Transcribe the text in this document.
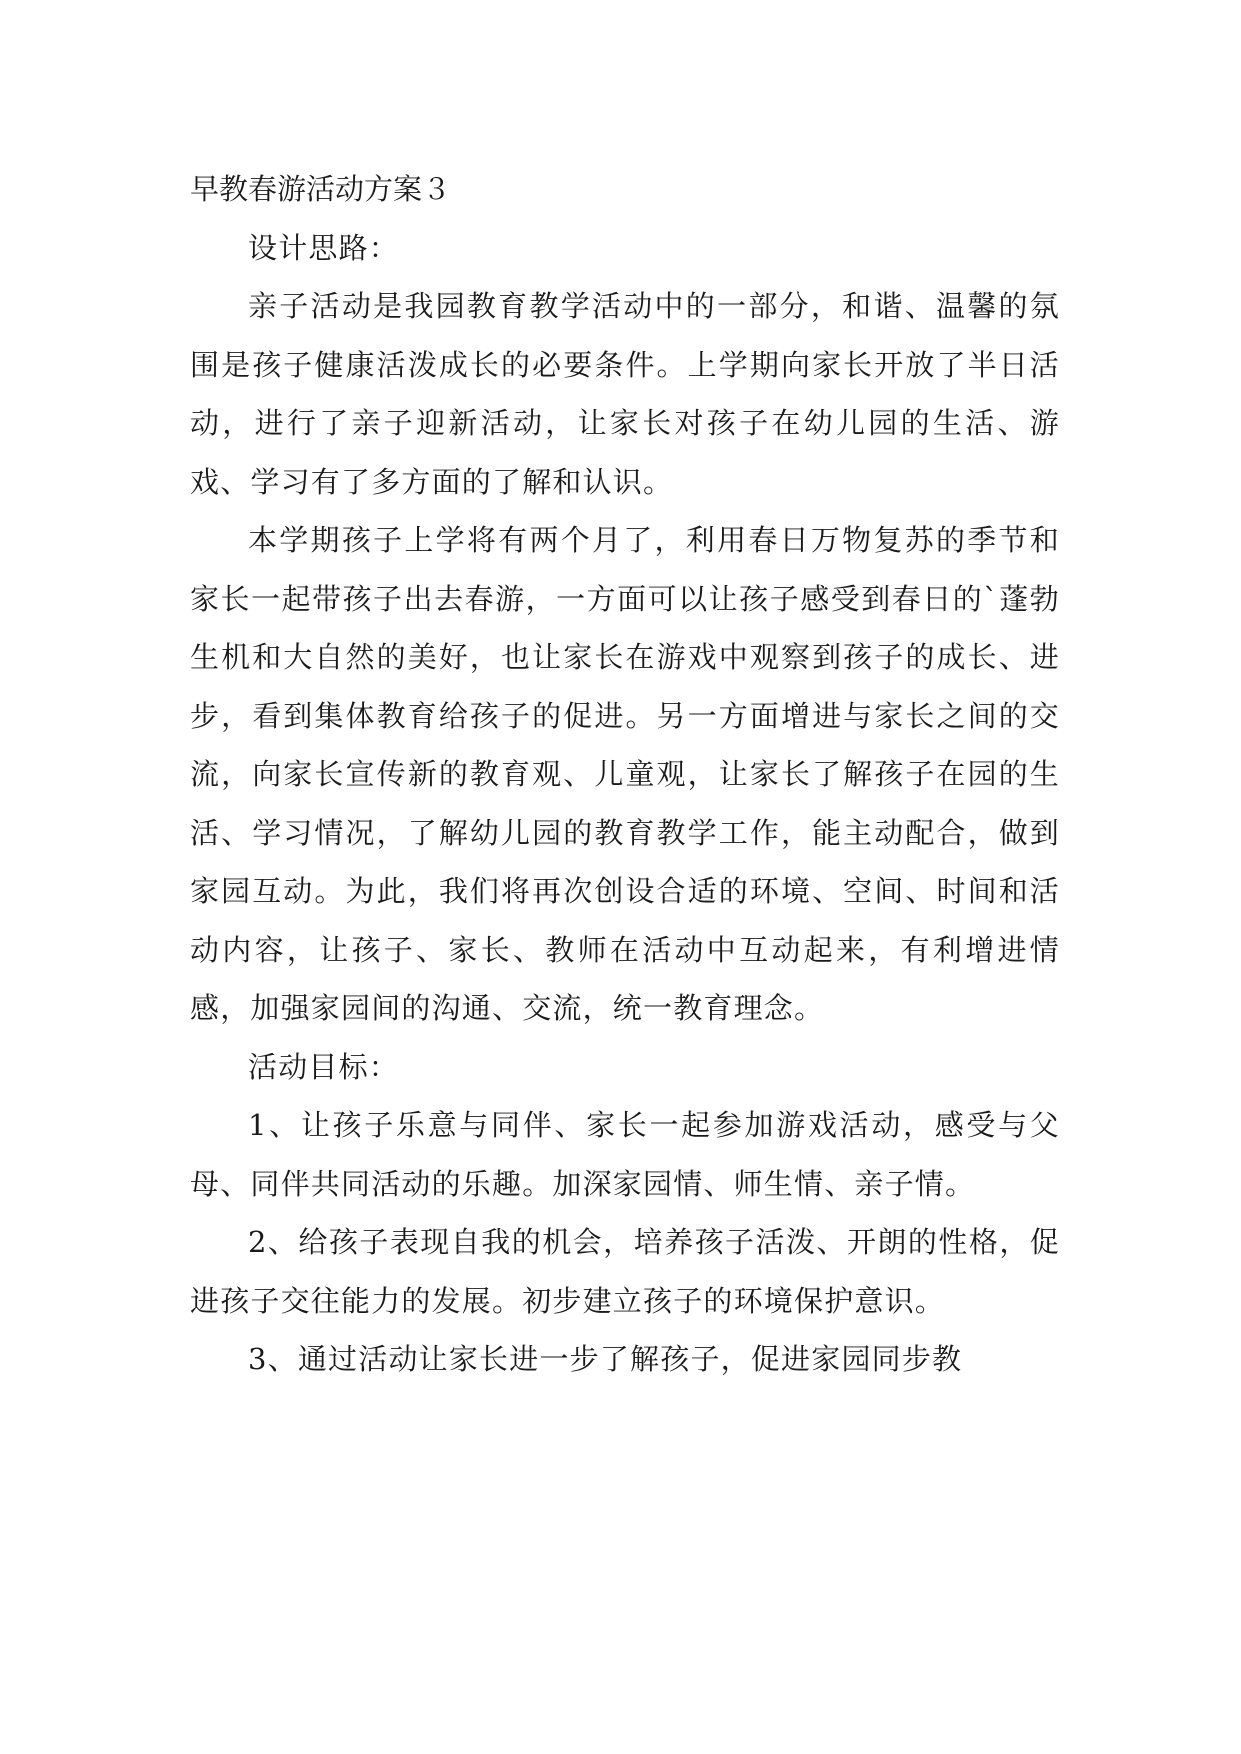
早教春游活动方案３

设计思路：

亲子活动是我园教育教学活动中的一部分，和谐、温馨的氛围是孩子健康活泼成长的必要条件。上学期向家长开放了半日活动，进行了亲子迎新活动，让家长对孩子在幼儿园的生活、游戏、学习有了多方面的了解和认识。

本学期孩子上学将有两个月了，利用春日万物复苏的季节和家长一起带孩子出去春游，一方面可以让孩子感受到春日的`蓬勃生机和大自然的美好，也让家长在游戏中观察到孩子的成长、进步，看到集体教育给孩子的促进。另一方面增进与家长之间的交流，向家长宣传新的教育观、儿童观，让家长了解孩子在园的生活、学习情况，了解幼儿园的教育教学工作，能主动配合，做到家园互动。为此，我们将再次创设合适的环境、空间、时间和活动内容，让孩子、家长、教师在活动中互动起来，有利增进情感，加强家园间的沟通、交流，统一教育理念。

活动目标：

1、让孩子乐意与同伴、家长一起参加游戏活动，感受与父母、同伴共同活动的乐趣。加深家园情、师生情、亲子情。

2、给孩子表现自我的机会，培养孩子活泼、开朗的性格，促进孩子交往能力的发展。初步建立孩子的环境保护意识。

3、通过活动让家长进一步了解孩子，促进家园同步教
